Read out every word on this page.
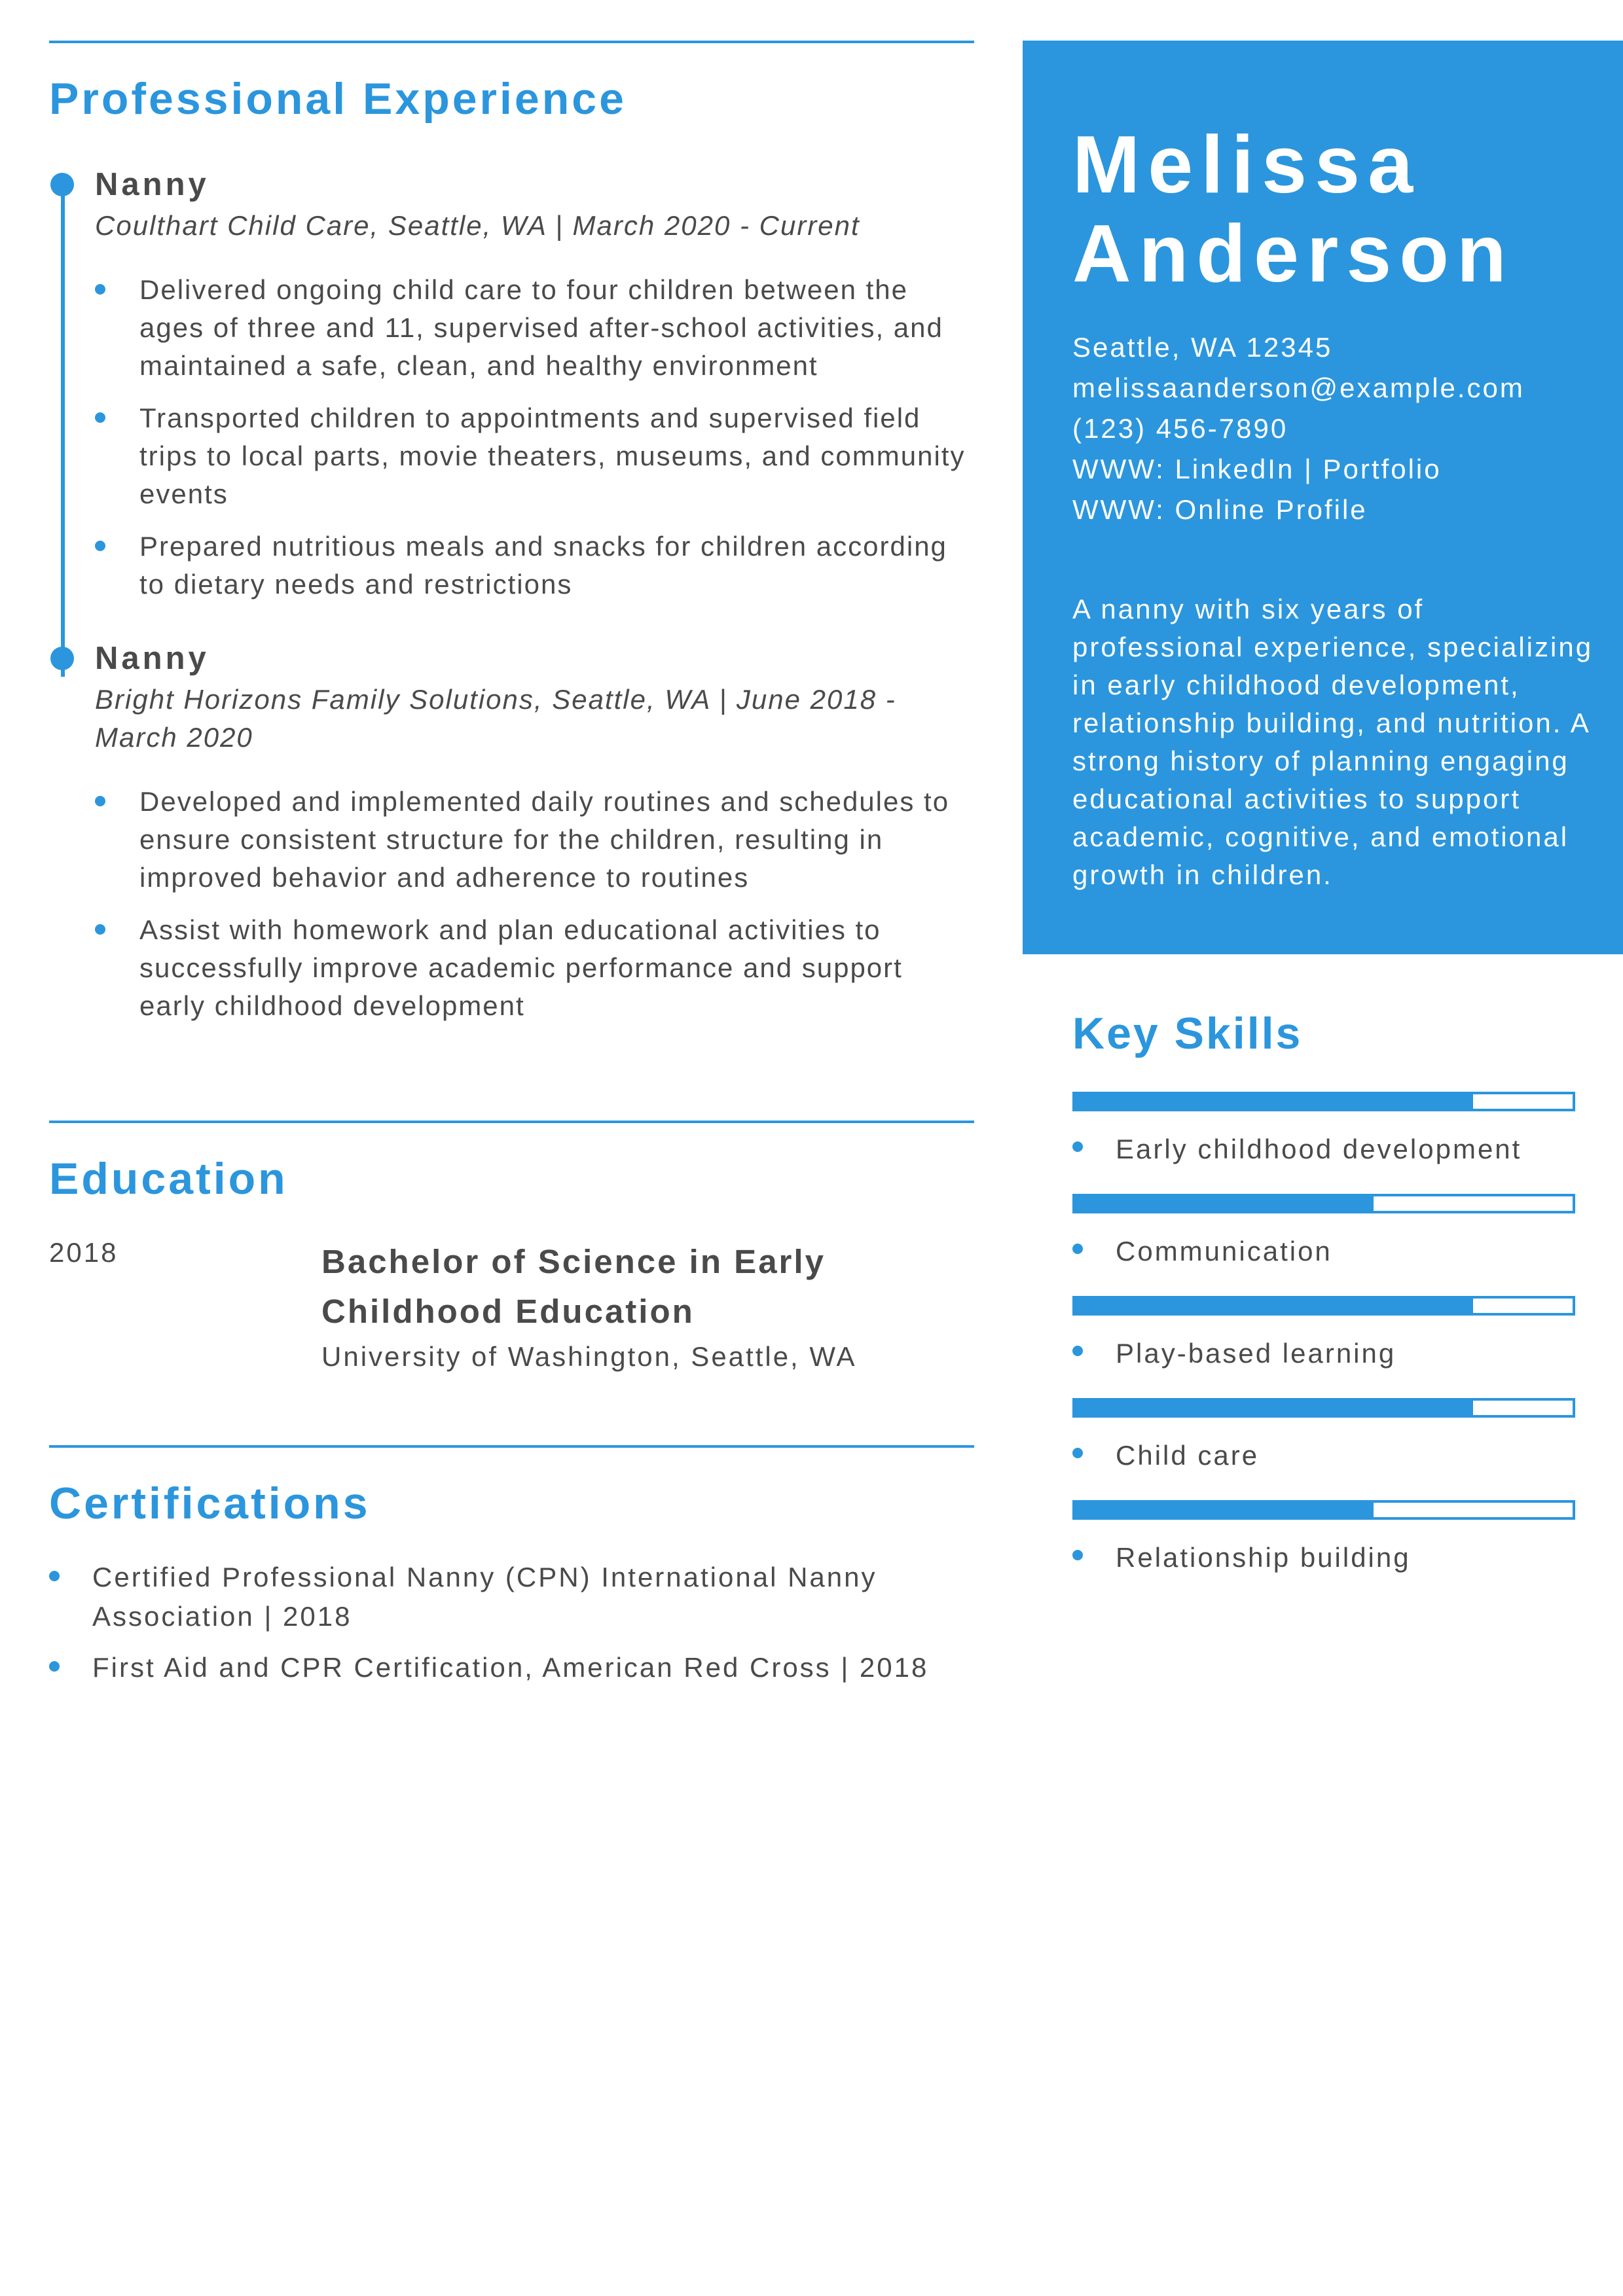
Professional Experience
Nanny
Coulthart Child Care, Seattle, WA | March 2020 - Current
Delivered ongoing child care to four children between the ages of three and 11, supervised after-school activities, and maintained a safe, clean, and healthy environment
Transported children to appointments and supervised field trips to local parts, movie theaters, museums, and community events
Prepared nutritious meals and snacks for children according to dietary needs and restrictions
Nanny
Bright Horizons Family Solutions, Seattle, WA | June 2018 - March 2020
Developed and implemented daily routines and schedules to ensure consistent structure for the children, resulting in improved behavior and adherence to routines
Assist with homework and plan educational activities to successfully improve academic performance and support early childhood development
Education
2018	Bachelor of Science in Early Childhood Education
University of Washington, Seattle, WA
Certifications
Certified Professional Nanny (CPN) International Nanny Association | 2018
First Aid and CPR Certification, American Red Cross | 2018
Melissa
Anderson
Seattle, WA 12345
melissaanderson@example.com
(123) 456-7890
WWW: LinkedIn | Portfolio
WWW: Online Profile

A nanny with six years of professional experience, specializing in early childhood development, relationship building, and nutrition. A strong history of planning engaging educational activities to support academic, cognitive, and emotional growth in children.

Key Skills
Early childhood development
Communication
Play-based learning
Child care
Relationship building
